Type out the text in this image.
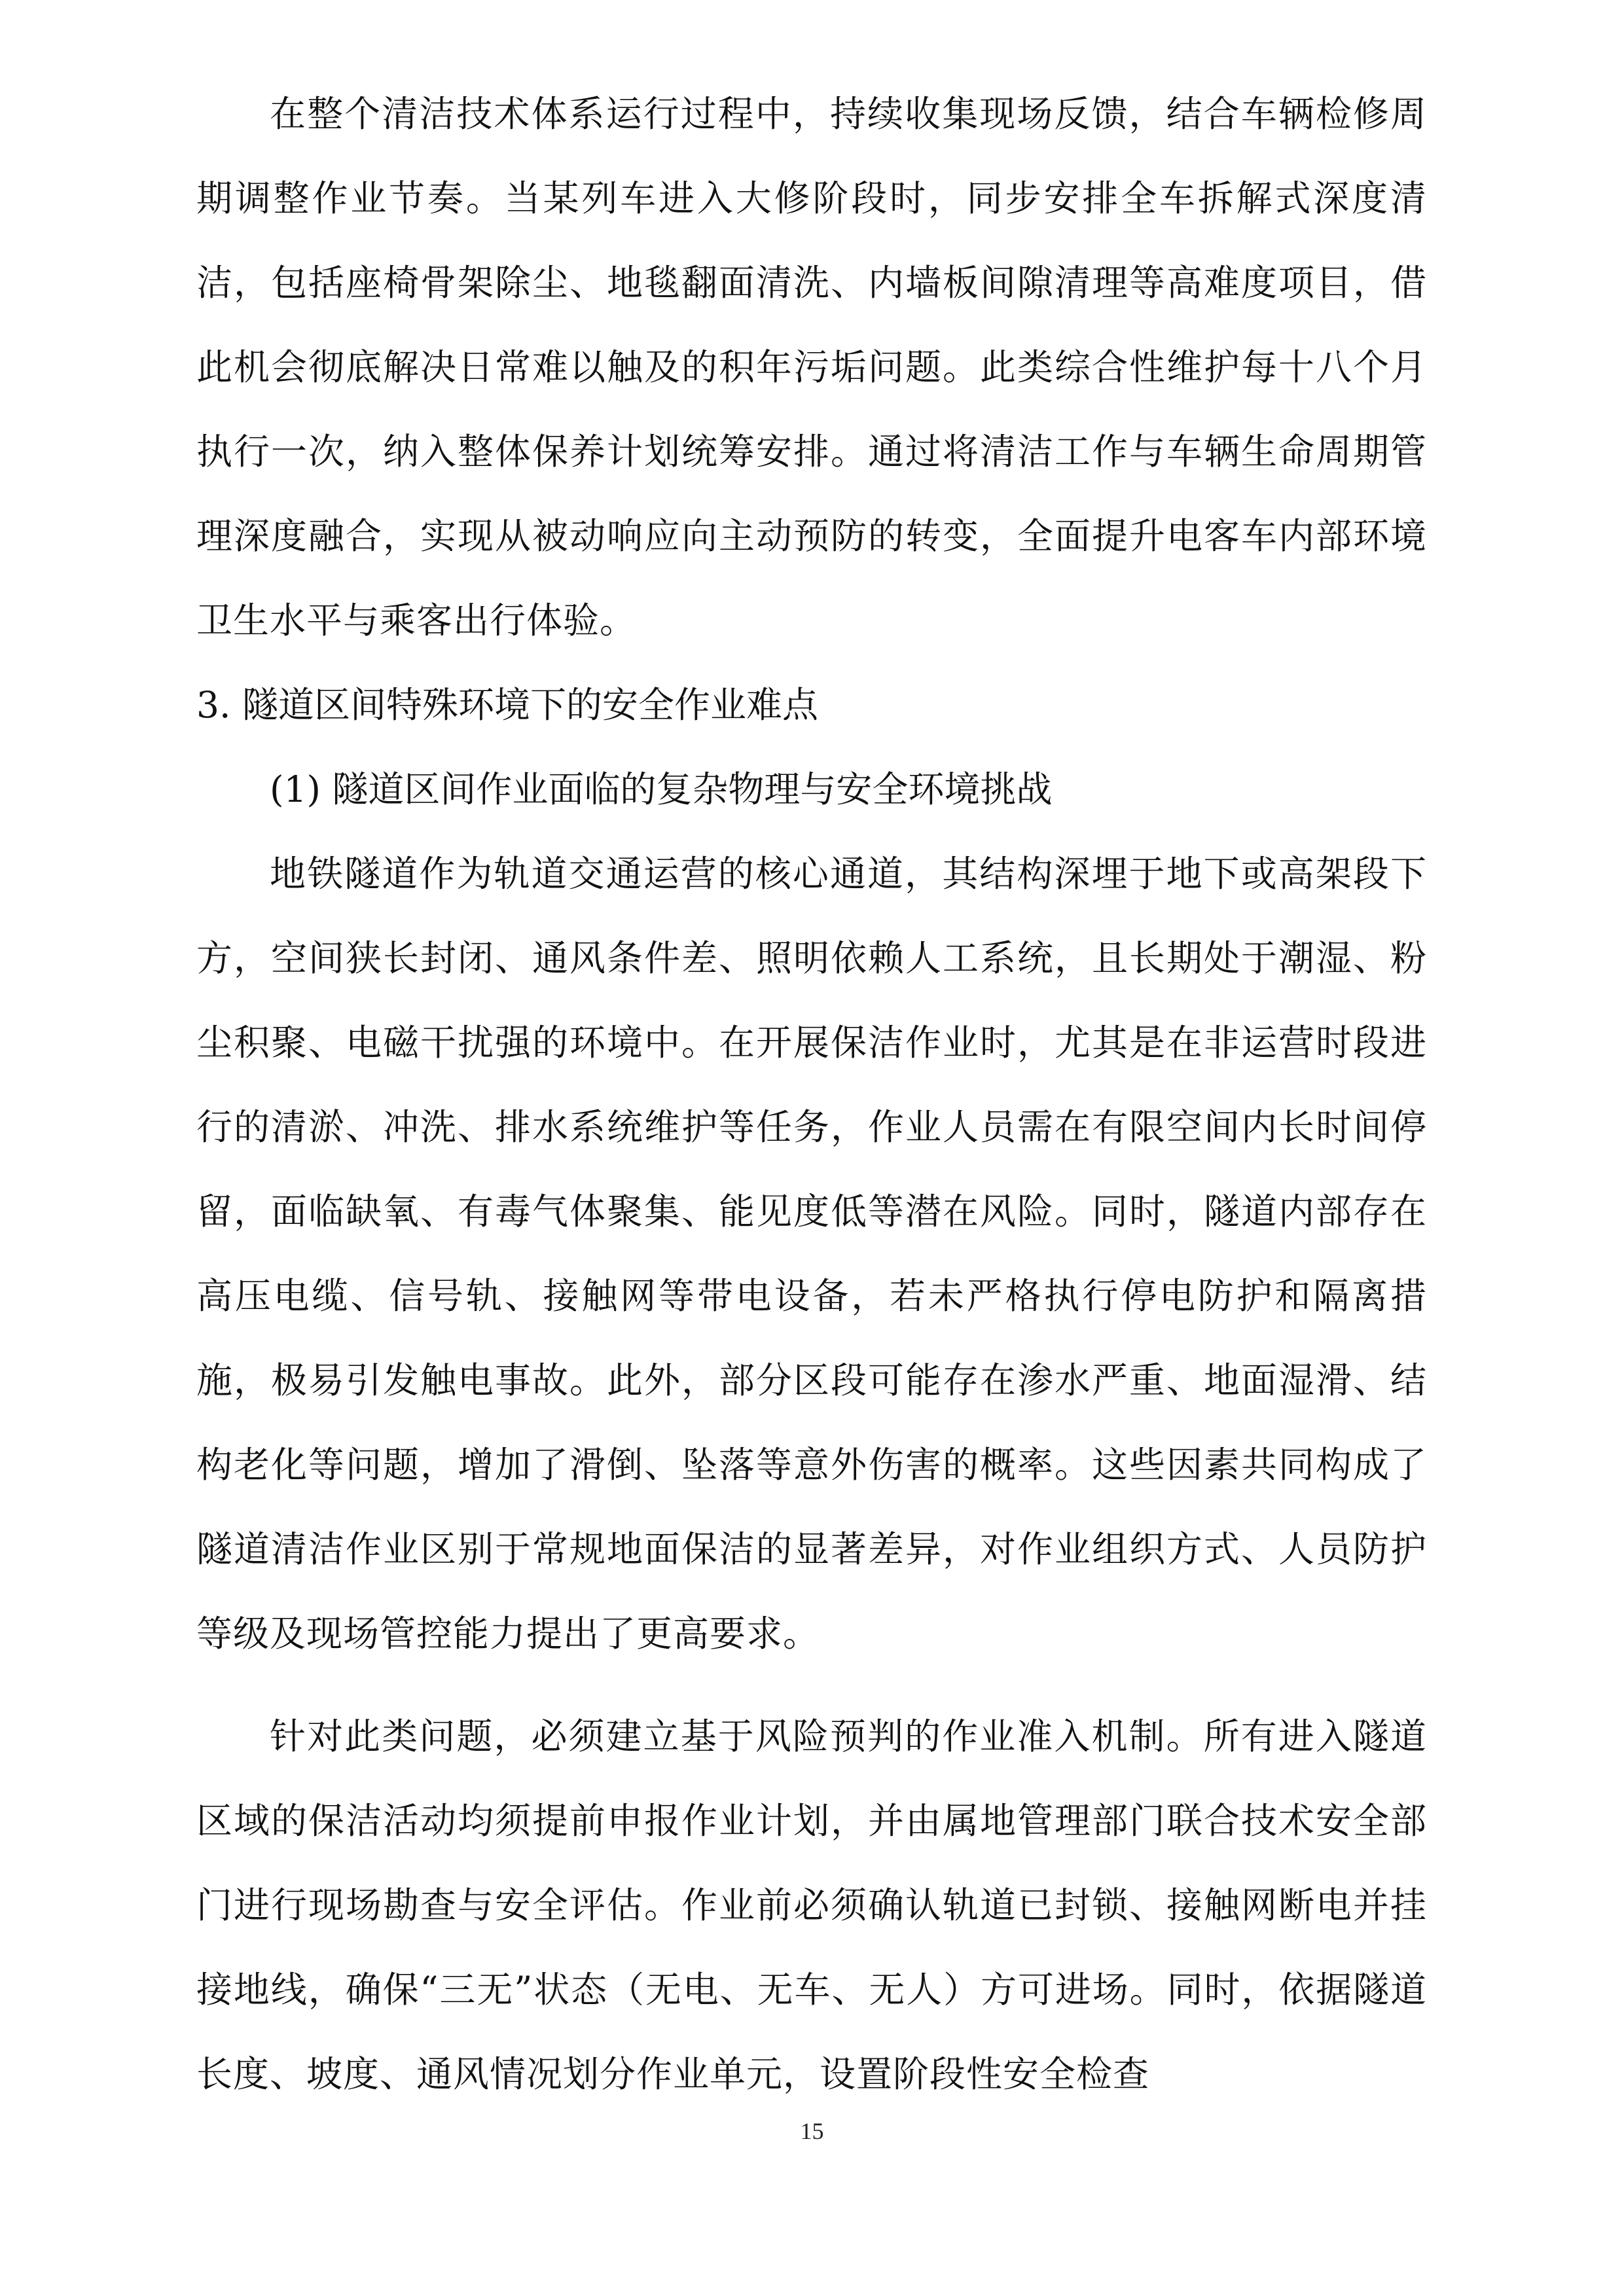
在整个清洁技术体系运行过程中，持续收集现场反馈，结合车辆检修周期调整作业节奏。当某列车进入大修阶段时，同步安排全车拆解式深度清洁，包括座椅骨架除尘、地毯翻面清洗、内墙板间隙清理等高难度项目，借此机会彻底解决日常难以触及的积年污垢问题。此类综合性维护每十八个月执行一次，纳入整体保养计划统筹安排。通过将清洁工作与车辆生命周期管理深度融合，实现从被动响应向主动预防的转变，全面提升电客车内部环境卫生水平与乘客出行体验。

3. 隧道区间特殊环境下的安全作业难点

(1) 隧道区间作业面临的复杂物理与安全环境挑战

地铁隧道作为轨道交通运营的核心通道，其结构深埋于地下或高架段下方，空间狭长封闭、通风条件差、照明依赖人工系统，且长期处于潮湿、粉尘积聚、电磁干扰强的环境中。在开展保洁作业时，尤其是在非运营时段进行的清淤、冲洗、排水系统维护等任务，作业人员需在有限空间内长时间停留，面临缺氧、有毒气体聚集、能见度低等潜在风险。同时，隧道内部存在高压电缆、信号轨、接触网等带电设备，若未严格执行停电防护和隔离措施，极易引发触电事故。此外，部分区段可能存在渗水严重、地面湿滑、结构老化等问题，增加了滑倒、坠落等意外伤害的概率。这些因素共同构成了隧道清洁作业区别于常规地面保洁的显著差异，对作业组织方式、人员防护等级及现场管控能力提出了更高要求。

针对此类问题，必须建立基于风险预判的作业准入机制。所有进入隧道区域的保洁活动均须提前申报作业计划，并由属地管理部门联合技术安全部门进行现场勘查与安全评估。作业前必须确认轨道已封锁、接触网断电并挂接地线，确保“三无”状态（无电、无车、无人）方可进场。同时，依据隧道长度、坡度、通风情况划分作业单元，设置阶段性安全检查

15
